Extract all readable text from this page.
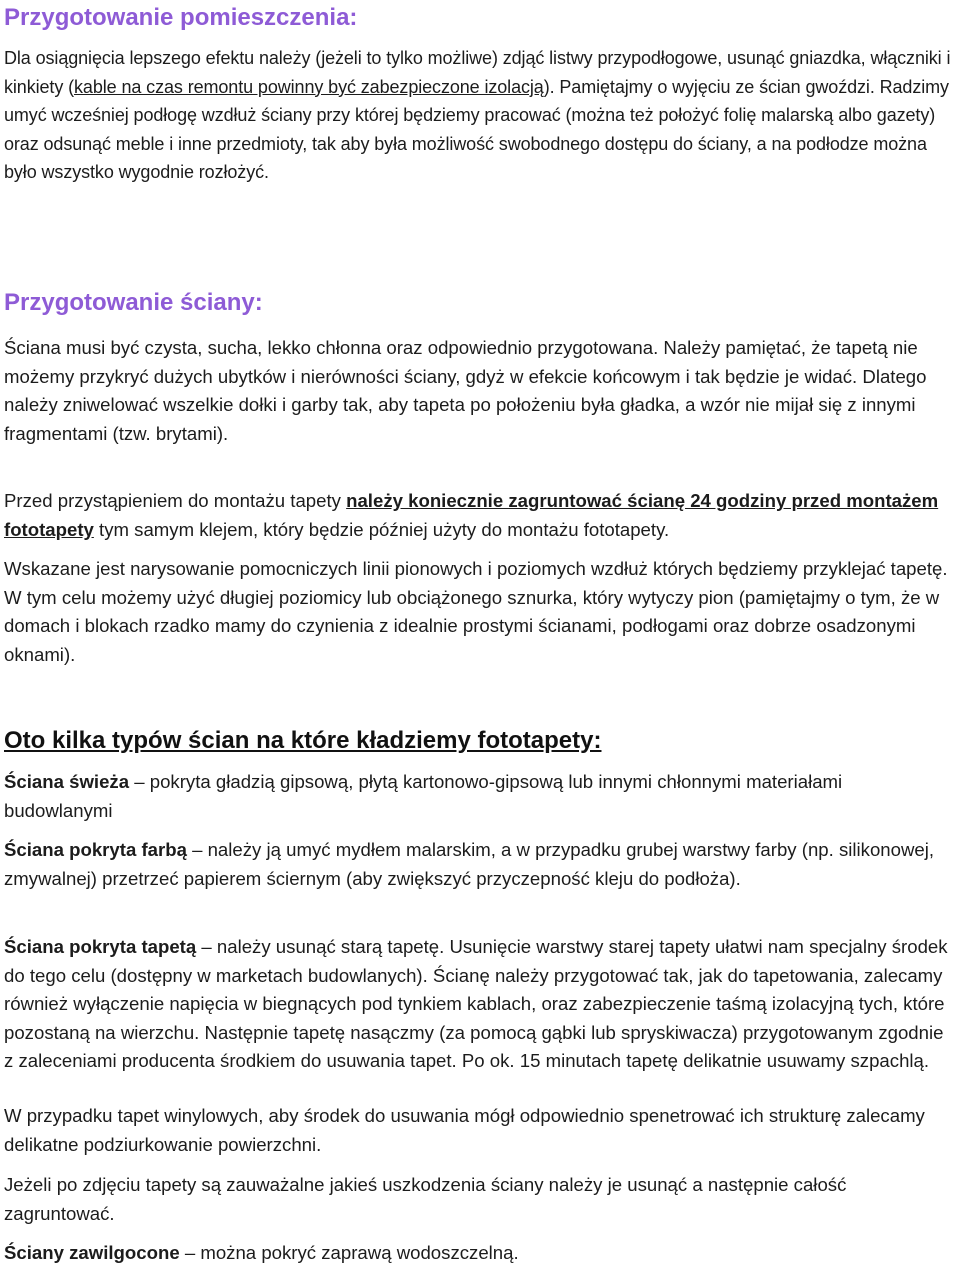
Przygotowanie pomieszczenia:

Dla osiągnięcia lepszego efektu należy (jeżeli to tylko możliwe) zdjąć listwy przypodłogowe, usunąć gniazdka, włączniki i kinkiety (kable na czas remontu powinny być zabezpieczone izolacją). Pamiętajmy o wyjęciu ze ścian gwoździ. Radzimy umyć wcześniej podłogę wzdłuż ściany przy której będziemy pracować (można też położyć folię malarską albo gazety) oraz odsunąć meble i inne przedmioty, tak aby była możliwość swobodnego dostępu do ściany, a na podłodze można było wszystko wygodnie rozłożyć.

Przygotowanie ściany:

Ściana musi być czysta, sucha, lekko chłonna oraz odpowiednio przygotowana. Należy pamiętać, że tapetą nie możemy przykryć dużych ubytków i nierówności ściany, gdyż w efekcie końcowym i tak będzie je widać. Dlatego należy zniwelować wszelkie dołki i garby tak, aby tapeta po położeniu była gładka, a wzór nie mijał się z innymi fragmentami (tzw. brytami).

Przed przystąpieniem do montażu tapety należy koniecznie zagruntować ścianę 24 godziny przed montażem fototapety tym samym klejem, który będzie później użyty do montażu fototapety.

Wskazane jest narysowanie pomocniczych linii pionowych i poziomych wzdłuż których będziemy przyklejać tapetę. W tym celu możemy użyć długiej poziomicy lub obciążonego sznurka, który wytyczy pion (pamiętajmy o tym, że w domach i blokach rzadko mamy do czynienia z idealnie prostymi ścianami, podłogami oraz dobrze osadzonymi oknami).

Oto kilka typów ścian na które kładziemy fototapety:

Ściana świeża – pokryta gładzią gipsową, płytą kartonowo-gipsową lub innymi chłonnymi materiałami budowlanymi

Ściana pokryta farbą – należy ją umyć mydłem malarskim, a w przypadku grubej warstwy farby (np. silikonowej, zmywalnej) przetrzeć papierem ściernym (aby zwiększyć przyczepność kleju do podłoża).

Ściana pokryta tapetą – należy usunąć starą tapetę. Usunięcie warstwy starej tapety ułatwi nam specjalny środek do tego celu (dostępny w marketach budowlanych). Ścianę należy przygotować tak, jak do tapetowania, zalecamy również wyłączenie napięcia w biegnących pod tynkiem kablach, oraz zabezpieczenie taśmą izolacyjną tych, które pozostaną na wierzchu. Następnie tapetę nasączmy (za pomocą gąbki lub spryskiwacza) przygotowanym zgodnie z zaleceniami producenta środkiem do usuwania tapet. Po ok. 15 minutach tapetę delikatnie usuwamy szpachlą.

W przypadku tapet winylowych, aby środek do usuwania mógł odpowiednio spenetrować ich strukturę zalecamy delikatne podziurkowanie powierzchni.

Jeżeli po zdjęciu tapety są zauważalne jakieś uszkodzenia ściany należy je usunąć a następnie całość zagruntować.

Ściany zawilgocone – można pokryć zaprawą wodoszczelną.
